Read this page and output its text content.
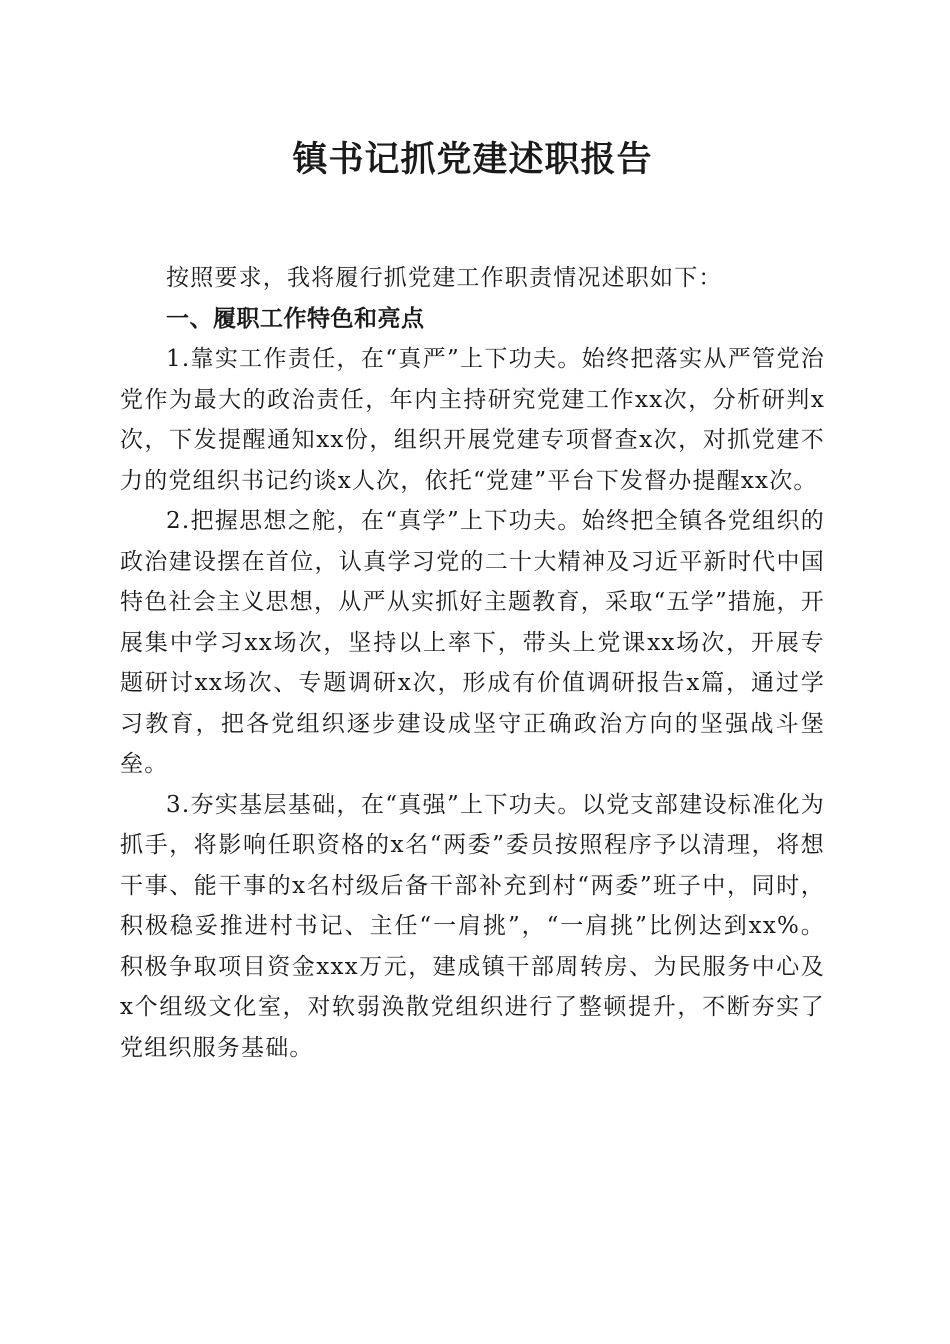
镇书记抓党建述职报告

按照要求，我将履行抓党建工作职责情况述职如下：

一、履职工作特色和亮点

1.靠实工作责任，在“真严”上下功夫。始终把落实从严管党治党作为最大的政治责任，年内主持研究党建工作xx次，分析研判x次，下发提醒通知xx份，组织开展党建专项督查x次，对抓党建不力的党组织书记约谈x人次，依托“党建”平台下发督办提醒xx次。

2.把握思想之舵，在“真学”上下功夫。始终把全镇各党组织的政治建设摆在首位，认真学习党的二十大精神及习近平新时代中国特色社会主义思想，从严从实抓好主题教育，采取“五学”措施，开展集中学习xx场次，坚持以上率下，带头上党课xx场次，开展专题研讨xx场次、专题调研x次，形成有价值调研报告x篇，通过学习教育，把各党组织逐步建设成坚守正确政治方向的坚强战斗堡垒。

3.夯实基层基础，在“真强”上下功夫。以党支部建设标准化为抓手，将影响任职资格的x名“两委”委员按照程序予以清理，将想干事、能干事的x名村级后备干部补充到村“两委”班子中，同时，积极稳妥推进村书记、主任“一肩挑”，“一肩挑”比例达到xx%。积极争取项目资金xxx万元，建成镇干部周转房、为民服务中心及x个组级文化室，对软弱涣散党组织进行了整顿提升，不断夯实了党组织服务基础。
